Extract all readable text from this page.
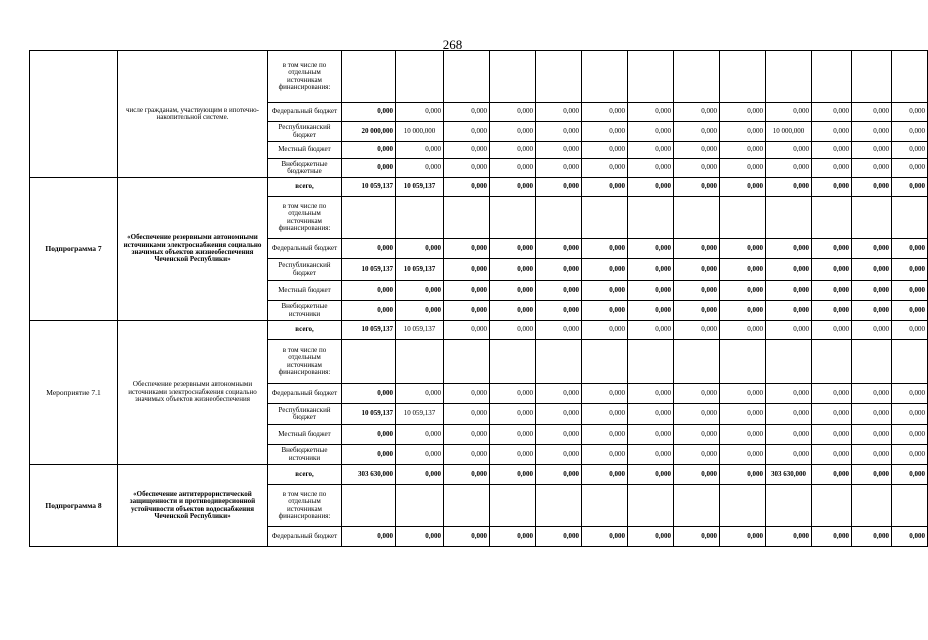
268
	числе гражданам, участвующим в ипотечно-накопительной системе.	в том числе по отдельным источникам финансирования:													
		Федеральный бюджет	0,000	0,000	0,000	0,000	0,000	0,000	0,000	0,000	0,000	0,000	0,000	0,000	0,000
		Республиканский бюджет	20 000,000	10 000,000	0,000	0,000	0,000	0,000	0,000	0,000	0,000	10 000,000	0,000	0,000	0,000
		Местный бюджет	0,000	0,000	0,000	0,000	0,000	0,000	0,000	0,000	0,000	0,000	0,000	0,000	0,000
		Внебюджетные бюджетные	0,000	0,000	0,000	0,000	0,000	0,000	0,000	0,000	0,000	0,000	0,000	0,000	0,000
Подпрограмма 7	«Обеспечение резервными автономными источниками электроснабжения социально значимых объектов жизнеобеспечения Чеченской Республики»	всего,	10 059,137	10 059,137	0,000	0,000	0,000	0,000	0,000	0,000	0,000	0,000	0,000	0,000	0,000
		в том числе по отдельным источникам финансирования:													
		Федеральный бюджет	0,000	0,000	0,000	0,000	0,000	0,000	0,000	0,000	0,000	0,000	0,000	0,000	0,000
		Республиканский бюджет	10 059,137	10 059,137	0,000	0,000	0,000	0,000	0,000	0,000	0,000	0,000	0,000	0,000	0,000
		Местный бюджет	0,000	0,000	0,000	0,000	0,000	0,000	0,000	0,000	0,000	0,000	0,000	0,000	0,000
		Внебюджетные источники	0,000	0,000	0,000	0,000	0,000	0,000	0,000	0,000	0,000	0,000	0,000	0,000	0,000
Мероприятие 7.1	Обеспечение резервными автономными источниками электроснабжения социально значимых объектов жизнеобеспечения	всего,	10 059,137	10 059,137	0,000	0,000	0,000	0,000	0,000	0,000	0,000	0,000	0,000	0,000	0,000
		в том числе по отдельным источникам финансирования:													
		Федеральный бюджет	0,000	0,000	0,000	0,000	0,000	0,000	0,000	0,000	0,000	0,000	0,000	0,000	0,000
		Республиканский бюджет	10 059,137	10 059,137	0,000	0,000	0,000	0,000	0,000	0,000	0,000	0,000	0,000	0,000	0,000
		Местный бюджет	0,000	0,000	0,000	0,000	0,000	0,000	0,000	0,000	0,000	0,000	0,000	0,000	0,000
		Внебюджетные источники	0,000	0,000	0,000	0,000	0,000	0,000	0,000	0,000	0,000	0,000	0,000	0,000	0,000
Подпрограмма 8	«Обеспечение антитеррористической защищенности и противодиверсионной устойчивости объектов водоснабжения Чеченской Республики»	всего,	303 630,000	0,000	0,000	0,000	0,000	0,000	0,000	0,000	0,000	303 630,000	0,000	0,000	0,000
		в том числе по отдельным источникам финансирования:													
		Федеральный бюджет	0,000	0,000	0,000	0,000	0,000	0,000	0,000	0,000	0,000	0,000	0,000	0,000	0,000
